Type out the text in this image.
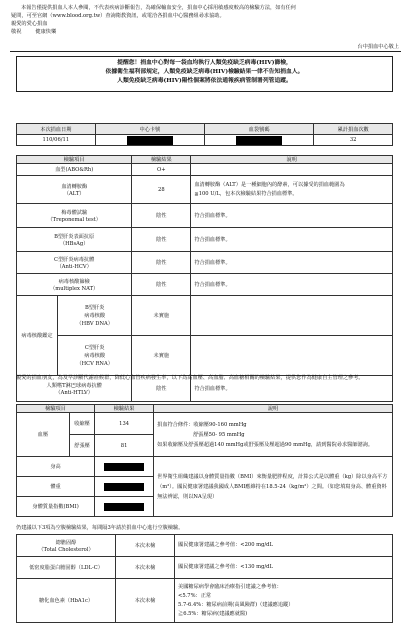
本報告僅提供捐血人本人參閱，不代表疾病診斷報告，為確保輸血安全，捐血中心採用敏感度較高的檢驗方法，如有任何
疑問，可至官網（www.blood.org.tw）查詢衛教資訊，或電洽各捐血中心醫務組尋求協助。
親愛的愛心捐血
敬祝	健康快樂
台中捐血中心敬上
提醒您！捐血中心對每一袋血均執行人類免疫缺乏病毒(HIV)篩檢，
依據衛生福利部規定，人類免疫缺乏病毒(HIV)檢驗結果一律不告知捐血人。
人類免疫缺乏病毒(HIV)陽性個案將依法通報疾病管制署列管追蹤。
本次捐血日期	中心卡號	血袋號碼	累計捐血次數
110/06/11			32
檢驗項目		檢驗結果	說明
血型(ABO&Rh)		O+	
血清轉胺酶
（ALT）		28	血清轉胺酶（ALT）是一種細胞內的酵素，可以據受的捐血範圍為
≦100 U/L，包本次檢驗結果符合捐血標準。
梅毒體試驗
（Treponemal test）		陰性	符合捐血標準。
B型肝炎表面抗原
（HBsAg）		陰性	符合捐血標準。
C型肝炎病毒抗體
（Anti-HCV）		陰性	符合捐血標準。
病毒核酸篩檢
（multiplex NAT）		陰性	符合捐血標準。
病毒核酸鑑定	B型肝炎
病毒核酸
（HBV DNA）	未實施	
	C型肝炎
病毒核酸
（HCV RNA）	未實施	
人類嗜T淋巴球病毒抗體
（Anti-HTLV）		陰性	符合捐血標準。
親愛的捐血朋友，為及早診斷代謝症候群，降低心血管疾病發生率，以下為高血壓、高血脂、高血糖相關的檢驗結果，提供您作為健康自主管理之參考。
檢驗項目		檢驗結果	說明
血壓	收縮壓	134	捐血符合條件：收縮壓90-160 mmHg
舒張壓50- 95 mmHg
如果收縮壓及舒張壓超過140 mmHg或舒張壓及壓超過90 mmHg，請到醫院尋求醫師諮詢。

	舒張壓	81	
身高			世界衛生組織建議以身體質量指數（BMI）來衡量肥胖程度，計算公式是以體重（kg）除以身高平方（m²）。國民健康署建議我國成人BMI應維持在18.5-24（kg/m²）之間。（如您填寫身高、體重資料無法辨認，則以NA呈現）
體重			
身體質量指數(BMI)			
仍建議以下3項為空腹檢驗結果，每間隔3年請於捐血中心進行空腹檢驗。
總膽固醇
（Total Cholesterol）	本次未檢	國民健康署建議之參考值：<200 mg/dL
低密度脂蛋白膽固醇（LDL-C）	本次未檢	國民健康署建議之參考值：<130 mg/dL
糖化血色素（HbA1c）	本次未檢	美國糖尿病學會臨床治療指引建議之參考值：
<5.7%：正常
5.7-6.4%：糖尿病前期(高風險群)（建議應追蹤）
≧6.5%：糖尿病(建議應就醫)
